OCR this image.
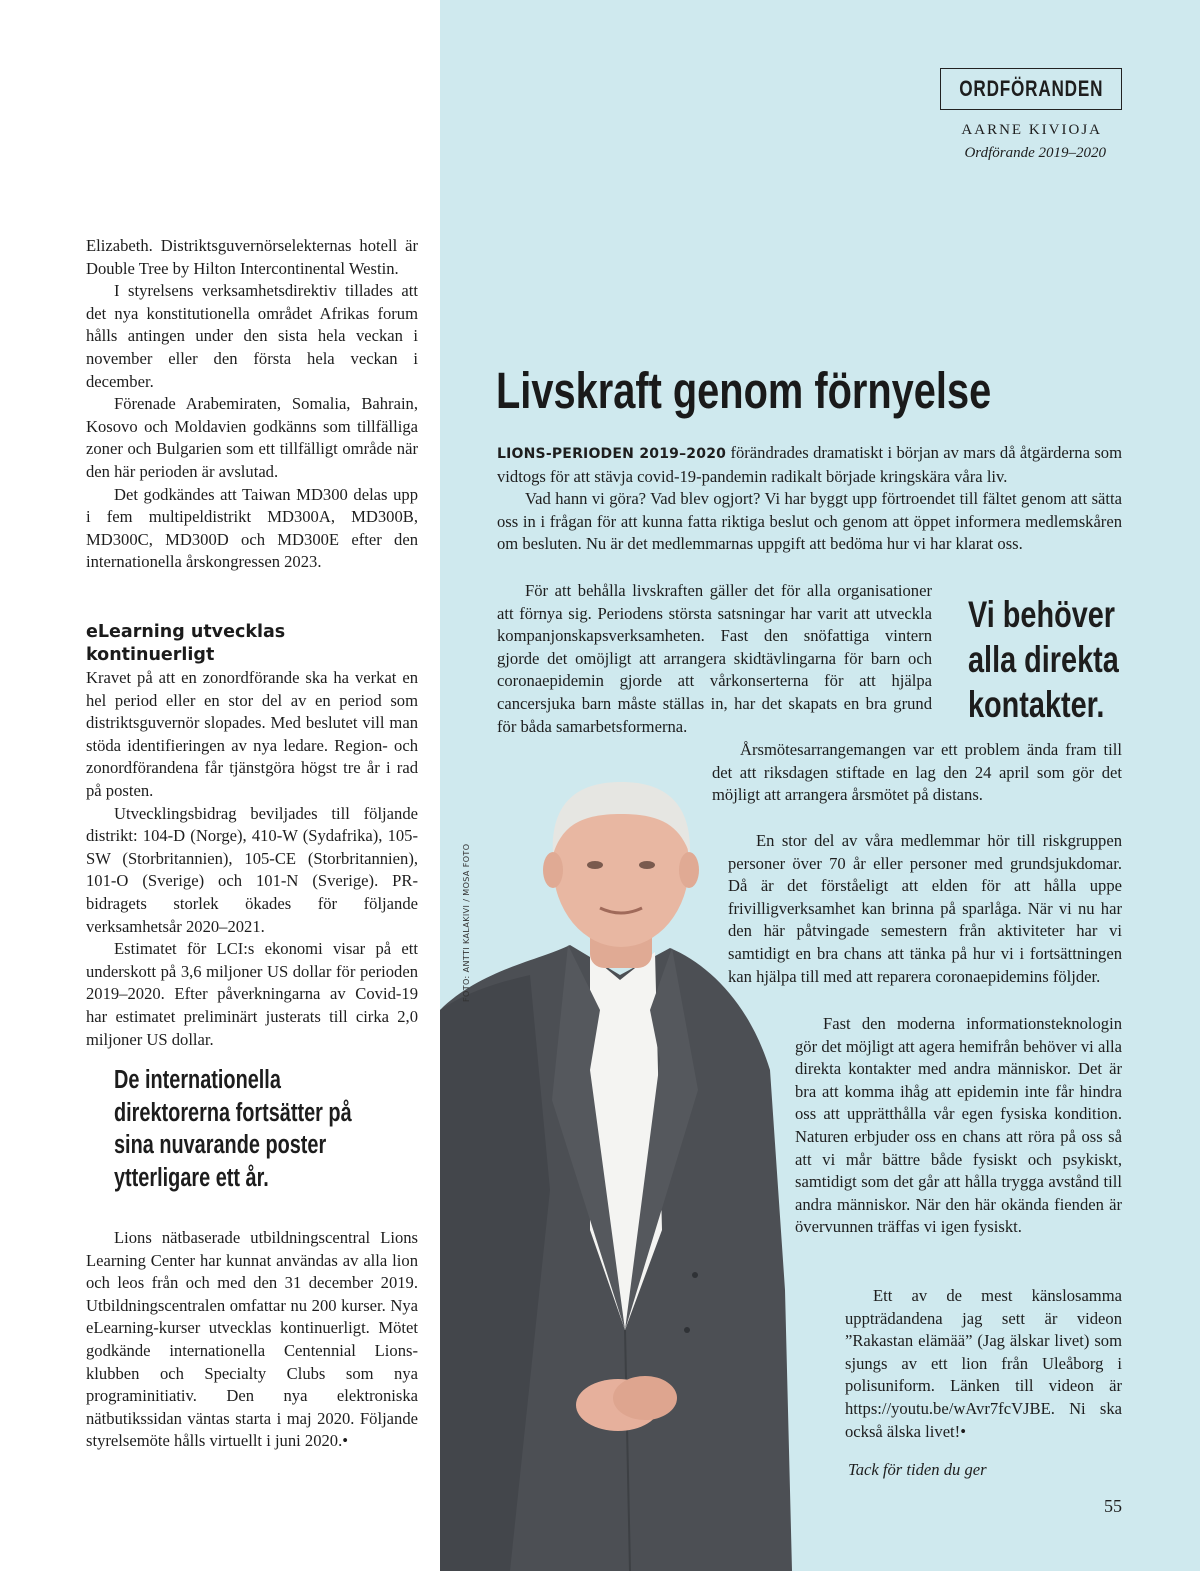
ORDFÖRANDEN
AARNE KIVIOJA
Ordförande 2019–2020

Elizabeth. Distriktsguvernörselekternas hotell är Double Tree by Hilton Intercontinental Westin.

I styrelsens verksamhetsdirektiv tillades att det nya konstitutionella området Afrikas forum hålls antingen under den sista hela veckan i november eller den första hela veckan i december.

Förenade Arabemiraten, Somalia, Bahrain, Kosovo och Moldavien godkänns som tillfälliga zoner och Bulgarien som ett tillfälligt område när den här perioden är avslutad.

Det godkändes att Taiwan MD300 delas upp i fem multipeldistrikt MD300A, MD300B, MD300C, MD300D och MD300E efter den internationella årskongressen 2023.

eLearning utvecklas kontinuerligt

Kravet på att en zonordförande ska ha verkat en hel period eller en stor del av en period som distriktsguvernör slopades. Med beslutet vill man stöda identifieringen av nya ledare. Region- och zonordförandena får tjänstgöra högst tre år i rad på posten.

Utvecklingsbidrag beviljades till följande distrikt: 104-D (Norge), 410-W (Sydafrika), 105-SW (Storbritannien), 105-CE (Storbritannien), 101-O (Sverige) och 101-N (Sverige). PR-bidragets storlek ökades för följande verksamhetsår 2020–2021.

Estimatet för LCI:s ekonomi visar på ett underskott på 3,6 miljoner US dollar för perioden 2019–2020. Efter påverkningarna av Covid-19 har estimatet preliminärt justerats till cirka 2,0 miljoner US dollar.

De internationella direktorerna fortsätter på sina nuvarande poster ytterligare ett år.

Lions nätbaserade utbildningscentral Lions Learning Center har kunnat användas av alla lion och leos från och med den 31 december 2019. Utbildningscentralen omfattar nu 200 kurser. Nya eLearning-kurser utvecklas kontinuerligt. Mötet godkände internationella Centennial Lions-klubben och Specialty Clubs som nya programinitiativ. Den nya elektroniska nätbutikssidan väntas starta i maj 2020. Följande styrelsemöte hålls virtuellt i juni 2020.•

FOTO: ANTTI KALAKIVI / MOSA FOTO
Livskraft genom förnyelse

LIONS-PERIODEN 2019–2020 förändrades dramatiskt i början av mars då åtgärderna som vidtogs för att stävja covid-19-pandemin radikalt började kringskära våra liv.

Vad hann vi göra? Vad blev ogjort? Vi har byggt upp förtroendet till fältet genom att sätta oss in i frågan för att kunna fatta riktiga beslut och genom att öppet informera medlemskåren om besluten. Nu är det medlemmarnas uppgift att bedöma hur vi har klarat oss.

För att behålla livskraften gäller det för alla organisationer att förnya sig. Periodens största satsningar har varit att utveckla kompanjonskapsverksamheten. Fast den snöfattiga vintern gjorde det omöjligt att arrangera skidtävlingarna för barn och coronaepidemin gjorde att vårkonserterna för att hjälpa cancersjuka barn måste ställas in, har det skapats en bra grund för båda samarbetsformerna.

Vi behöver alla direkta kontakter.

Årsmötesarrangemangen var ett problem ända fram till det att riksdagen stiftade en lag den 24 april som gör det möjligt att arrangera årsmötet på distans.

En stor del av våra medlemmar hör till riskgruppen personer över 70 år eller personer med grundsjukdomar. Då är det förståeligt att elden för att hålla uppe frivilligverksamhet kan brinna på sparlåga. När vi nu har den här påtvingade semestern från aktiviteter har vi samtidigt en bra chans att tänka på hur vi i fortsättningen kan hjälpa till med att reparera coronaepidemins följder.

Fast den moderna informationsteknologin gör det möjligt att agera hemifrån behöver vi alla direkta kontakter med andra människor. Det är bra att komma ihåg att epidemin inte får hindra oss att upprätthålla vår egen fysiska kondition. Naturen erbjuder oss en chans att röra på oss så att vi mår bättre både fysiskt och psykiskt, samtidigt som det går att hålla trygga avstånd till andra människor. När den här okända fienden är övervunnen träffas vi igen fysiskt.

Ett av de mest känslosamma uppträdandena jag sett är videon ”Rakastan elämää” (Jag älskar livet) som sjungs av ett lion från Uleåborg i polisuniform. Länken till videon är https://youtu.be/wAvr7fcVJBE. Ni ska också älska livet!•

Tack för tiden du ger
55
